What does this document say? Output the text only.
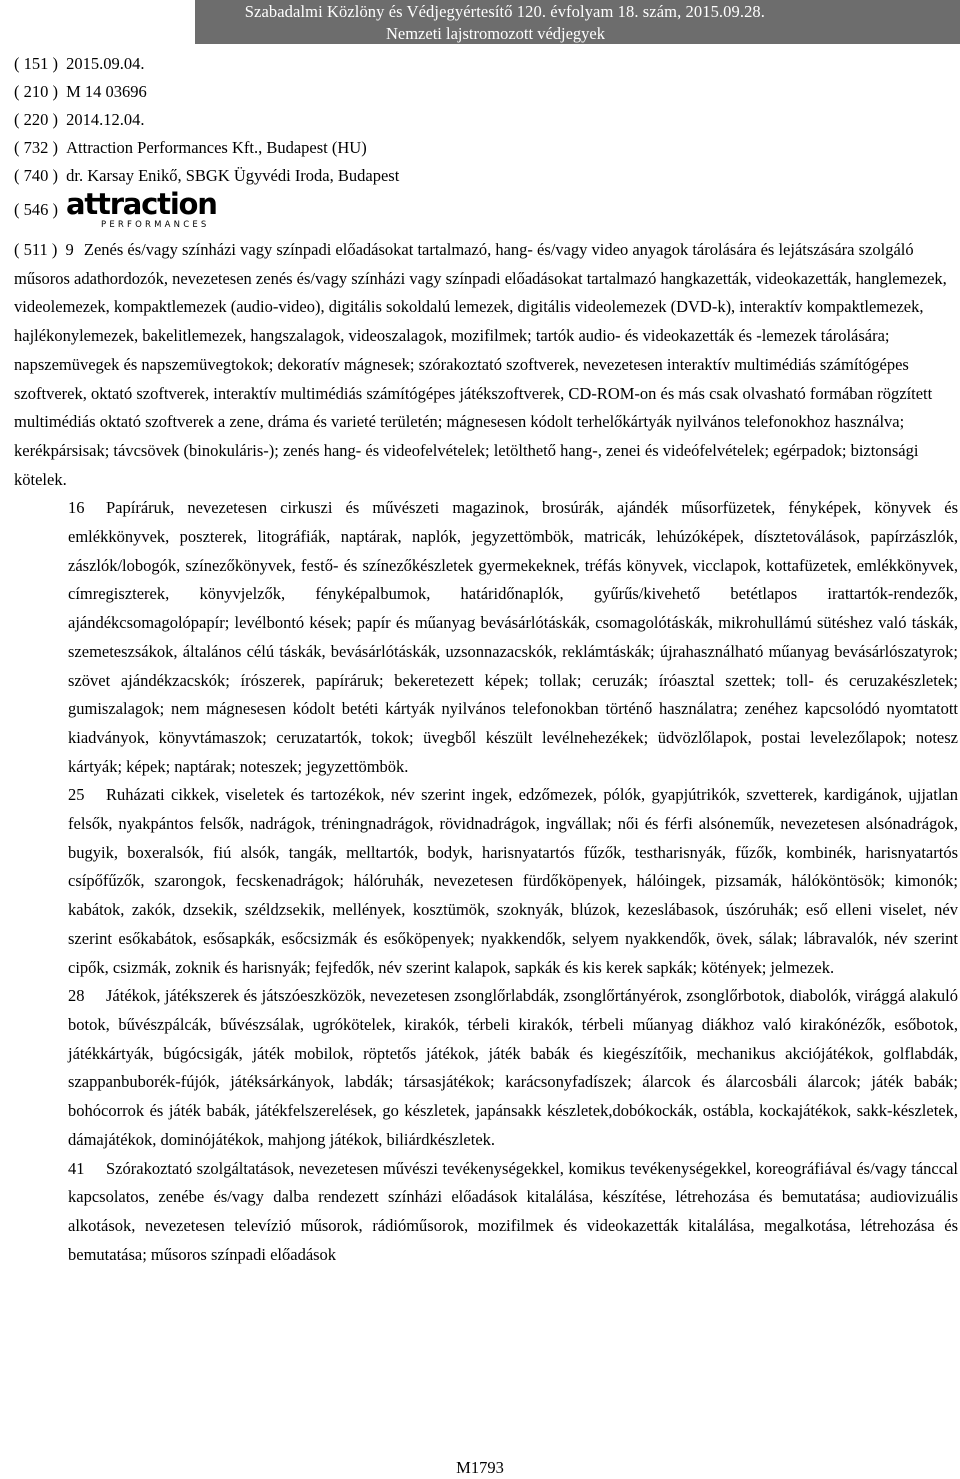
Szabadalmi Közlöny és Védjegyértesítő 120. évfolyam 18. szám, 2015.09.28.
Nemzeti lajstromozott védjegyek
( 151 ) 2015.09.04.
( 210 ) M 14 03696
( 220 ) 2014.12.04.
( 732 ) Attraction Performances Kft., Budapest (HU)
( 740 ) dr. Karsay Enikő, SBGK Ügyvédi Iroda, Budapest
( 546 ) attraction
PERFORMANCES
( 511 ) 9 Zenés és/vagy színházi vagy színpadi előadásokat tartalmazó, hang- és/vagy video anyagok tárolására és lejátszására szolgáló műsoros adathordozók, nevezetesen zenés és/vagy színházi vagy színpadi előadásokat tartalmazó hangkazetták, videokazetták, hanglemezek, videolemezek, kompaktlemezek (audio-video), digitális sokoldalú lemezek, digitális videolemezek (DVD-k), interaktív kompaktlemezek, hajlékonylemezek, bakelitlemezek, hangszalagok, videoszalagok, mozifilmek; tartók audio- és videokazetták és -lemezek tárolására; napszemüvegek és napszemüvegtokok; dekoratív mágnesek; szórakoztató szoftverek, nevezetesen interaktív multimédiás számítógépes szoftverek, oktató szoftverek, interaktív multimédiás számítógépes játékszoftverek, CD-ROM-on és más csak olvasható formában rögzített multimédiás oktató szoftverek a zene, dráma és varieté területén; mágnesesen kódolt terhelőkártyák nyilvános telefonokhoz használva; kerékpársisak; távcsövek (binokuláris-); zenés hang- és videofelvételek; letölthető hang-, zenei és videófelvételek; egérpadok; biztonsági kötelek.
16 Papíráruk, nevezetesen cirkuszi és művészeti magazinok, brosúrák, ajándék műsorfüzetek, fényképek, könyvek és emlékkönyvek, poszterek, litográfiák, naptárak, naplók, jegyzettömbök, matricák, lehúzóképek, dísztetoválások, papírzászlók, zászlók/lobogók, színezőkönyvek, festő- és színezőkészletek gyermekeknek, tréfás könyvek, vicclapok, kottafüzetek, emlékkönyvek, címregiszterek, könyvjelzők, fényképalbumok, határidőnaplók, gyűrűs/kivehető betétlapos irattartók-rendezők, ajándékcsomagolópapír; levélbontó kések; papír és műanyag bevásárlótáskák, csomagolótáskák, mikrohullámú sütéshez való táskák, szemeteszsákok, általános célú táskák, bevásárlótáskák, uzsonnazacskók, reklámtáskák; újrahasználható műanyag bevásárlószatyrok; szövet ajándékzacskók; írószerek, papíráruk; bekeretezett képek; tollak; ceruzák; íróasztal szettek; toll- és ceruzakészletek; gumiszalagok; nem mágnesesen kódolt betéti kártyák nyilvános telefonokban történő használatra; zenéhez kapcsolódó nyomtatott kiadványok, könyvtámaszok; ceruzatartók, tokok; üvegből készült levélnehezékek; üdvözlőlapok, postai levelezőlapok; notesz kártyák; képek; naptárak; noteszek; jegyzettömbök.
25 Ruházati cikkek, viseletek és tartozékok, név szerint ingek, edzőmezek, pólók, gyapjútrikók, szvetterek, kardigánok, ujjatlan felsők, nyakpántos felsők, nadrágok, tréningnadrágok, rövidnadrágok, ingvállak; női és férfi alsóneműk, nevezetesen alsónadrágok, bugyik, boxeralsók, fiú alsók, tangák, melltartók, bodyk, harisnyatartós fűzők, testharisnyák, fűzők, kombinék, harisnyatartós csípőfűzők, szarongok, fecskenadrágok; hálóruhák, nevezetesen fürdőköpenyek, hálóingek, pizsamák, hálóköntösök; kimonók; kabátok, zakók, dzsekik, széldzsekik, mellények, kosztümök, szoknyák, blúzok, kezeslábasok, úszóruhák; eső elleni viselet, név szerint esőkabátok, esősapkák, esőcsizmák és esőköpenyek; nyakkendők, selyem nyakkendők, övek, sálak; lábravalók, név szerint cipők, csizmák, zoknik és harisnyák; fejfedők, név szerint kalapok, sapkák és kis kerek sapkák; kötények; jelmezek.
28 Játékok, játékszerek és játszóeszközök, nevezetesen zsonglőrlabdák, zsonglőrtányérok, zsonglőrbotok, diabolók, virággá alakuló botok, bűvészpálcák, bűvészsálak, ugrókötelek, kirakók, térbeli kirakók, térbeli műanyag diákhoz való kirakónézők, esőbotok, játékkártyák, búgócsigák, játék mobilok, röptetős játékok, játék babák és kiegészítőik, mechanikus akciójátékok, golflabdák, szappanbuborék-fújók, játéksárkányok, labdák; társasjátékok; karácsonyfadíszek; álarcok és álarcosbáli álarcok; játék babák; bohócorrok és játék babák, játékfelszerelések, go készletek, japánsakk készletek,dobókockák, ostábla, kockajátékok, sakk-készletek, dámajátékok, dominójátékok, mahjong játékok, biliárdkészletek.
41 Szórakoztató szolgáltatások, nevezetesen művészi tevékenységekkel, komikus tevékenységekkel, koreográfiával és/vagy tánccal kapcsolatos, zenébe és/vagy dalba rendezett színházi előadások kitalálása, készítése, létrehozása és bemutatása; audiovizuális alkotások, nevezetesen televízió műsorok, rádióműsorok, mozifilmek és videokazetták kitalálása, megalkotása, létrehozása és bemutatása; műsoros színpadi előadások
M1793
